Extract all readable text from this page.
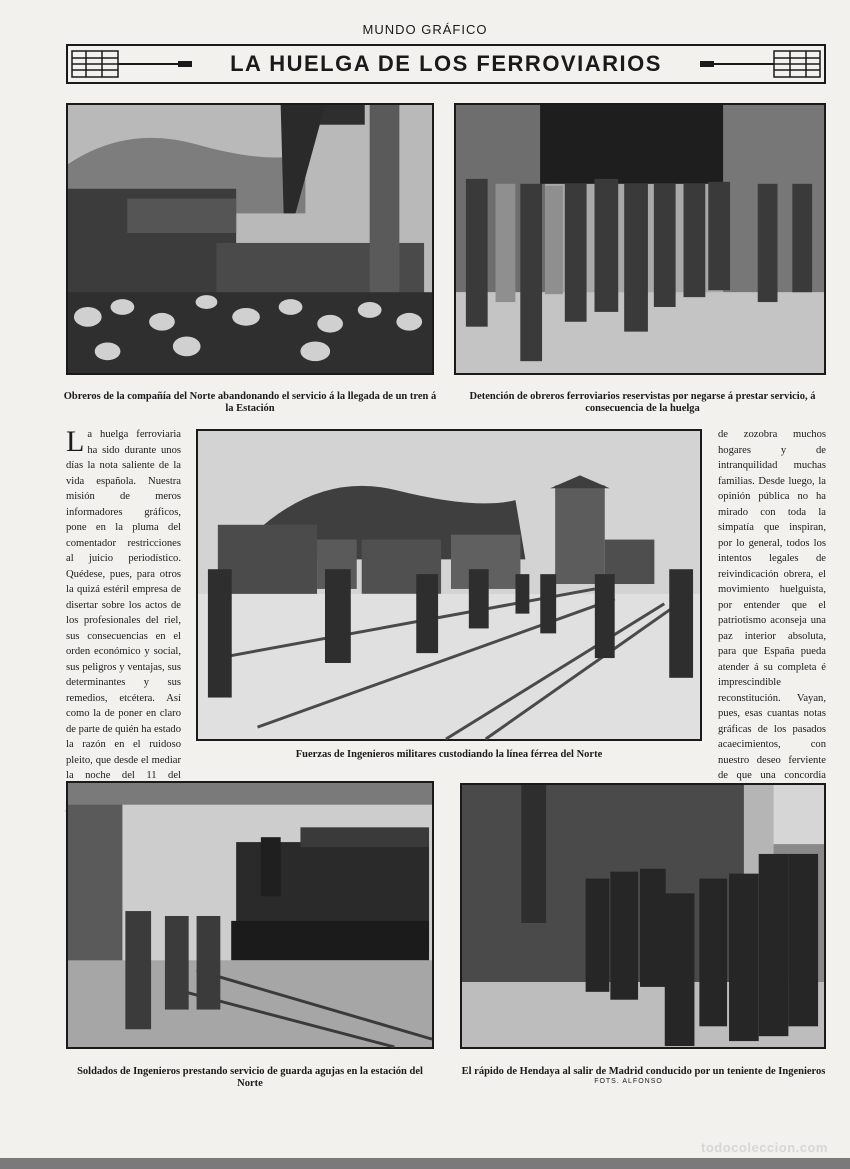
MUNDO GRÁFICO
LA HUELGA DE LOS FERROVIARIOS
Obreros de la compañía del Norte abandonando el servicio á la llegada de un tren á la Estación
Detención de obreros ferroviarios reservistas por negarse á prestar servicio, á consecuencia de la huelga
La huelga ferroviaria ha sido durante unos días la nota saliente de la vida española. Nuestra misión de meros informadores gráficos, pone en la pluma del comentador restricciones al juicio periodístico. Quédese, pues, para otros la quizá estéril empresa de disertar sobre los actos de los profesionales del riel, sus consecuencias en el orden económico y social, sus peligros y ventajas, sus determinantes y sus remedios, etcétera. Así como la de poner en claro de parte de quién ha estado la razón en el ruidoso pleito, que desde el mediar la noche del 11 del
Fuerzas de Ingenieros militares custodiando la línea férrea del Norte
de zozobra muchos hogares y de intranquilidad muchas familias. Desde luego, la opinión pública no ha mirado con toda la simpatía que inspiran, por lo general, todos los intentos legales de reivindicación obrera, el movimiento huelguista, por entender que el patriotismo aconseja una paz interior absoluta, para que España pueda atender á su completa é imprescindible reconstitución. Vayan, pues, esas cuantas notas gráficas de los pasados acaecimientos, con nuestro deseo ferviente de que una concordia
Soldados de Ingenieros prestando servicio de guarda agujas en la estación del Norte
El rápido de Hendaya al salir de Madrid conducido por un teniente de Ingenieros
FOTS. ALFONSO
todocoleccion.com
